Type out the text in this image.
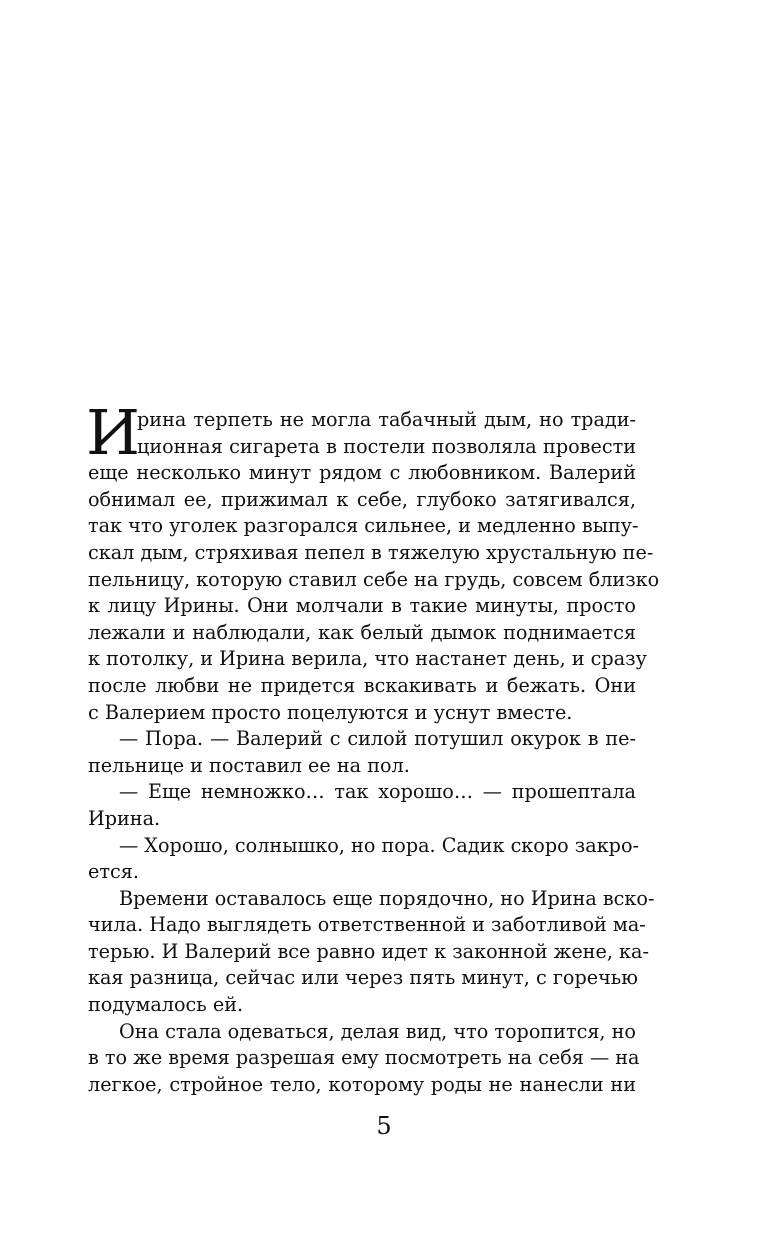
рина терпеть не могла табачный дым, но тради-
ционная сигарета в постели позволяла провести
еще несколько минут рядом с любовником. Валерий
обнимал ее, прижимал к себе, глубоко затягивался,
так что уголек разгорался сильнее, и медленно выпу-
скал дым, стряхивая пепел в тяжелую хрустальную пе-
пельницу, которую ставил себе на грудь, совсем близко
к лицу Ирины. Они молчали в такие минуты, просто
лежали и наблюдали, как белый дымок поднимается
к потолку, и Ирина верила, что настанет день, и сразу
после любви не придется вскакивать и бежать. Они
с Валерием просто поцелуются и уснут вместе.
И
— Пора. — Валерий с силой потушил окурок в пе-
пельнице и поставил ее на пол.
— Еще немножко… так хорошо… — прошептала
Ирина.
— Хорошо, солнышко, но пора. Садик скоро закро-
ется.
Времени оставалось еще порядочно, но Ирина вско-
чила. Надо выглядеть ответственной и заботливой ма-
терью. И Валерий все равно идет к законной жене, ка-
кая разница, сейчас или через пять минут, с горечью
подумалось ей.
Она стала одеваться, делая вид, что торопится, но
в то же время разрешая ему посмотреть на себя — на
легкое, стройное тело, которому роды не нанесли ни
5
